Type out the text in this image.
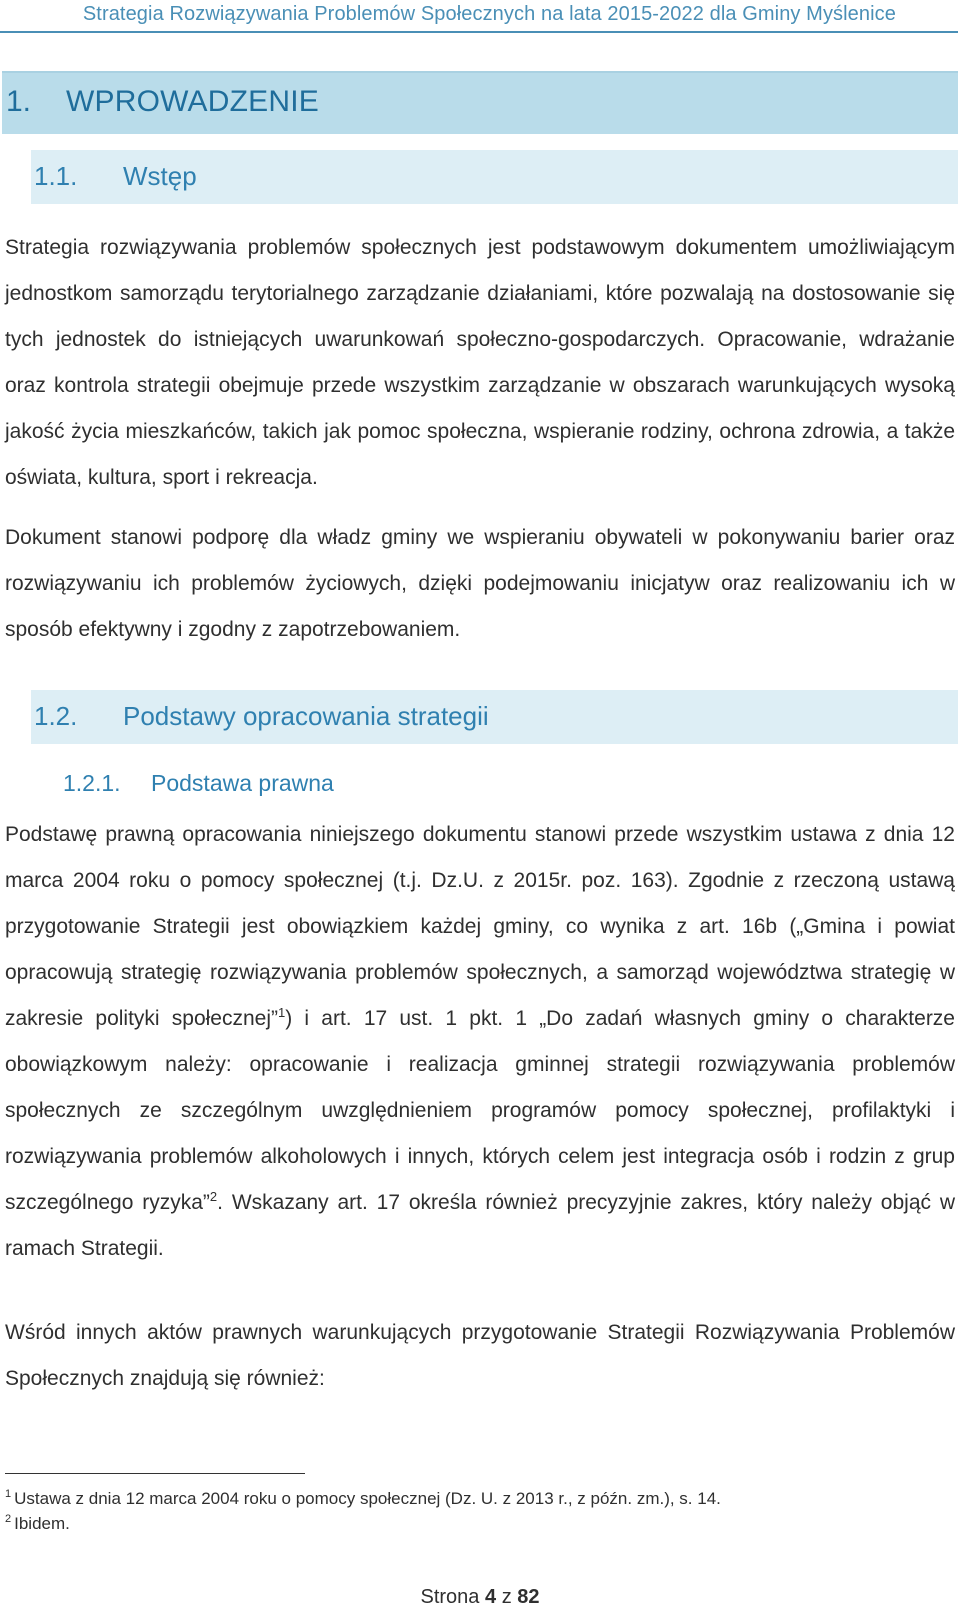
Strategia Rozwiązywania Problemów Społecznych na lata 2015-2022 dla Gminy Myślenice
1. WPROWADZENIE
1.1. Wstęp

Strategia rozwiązywania problemów społecznych jest podstawowym dokumentem umożliwiającym jednostkom samorządu terytorialnego zarządzanie działaniami, które pozwalają na dostosowanie się tych jednostek do istniejących uwarunkowań społeczno-gospodarczych. Opracowanie, wdrażanie oraz kontrola strategii obejmuje przede wszystkim zarządzanie w obszarach warunkujących wysoką jakość życia mieszkańców, takich jak pomoc społeczna, wspieranie rodziny, ochrona zdrowia, a także oświata, kultura, sport i rekreacja.

Dokument stanowi podporę dla władz gminy we wspieraniu obywateli w pokonywaniu barier oraz rozwiązywaniu ich problemów życiowych, dzięki podejmowaniu inicjatyw oraz realizowaniu ich w sposób efektywny i zgodny z zapotrzebowaniem.

1.2. Podstawy opracowania strategii
1.2.1. Podstawa prawna

Podstawę prawną opracowania niniejszego dokumentu stanowi przede wszystkim ustawa z dnia 12 marca 2004 roku o pomocy społecznej (t.j. Dz.U. z 2015r. poz. 163). Zgodnie z rzeczoną ustawą przygotowanie Strategii jest obowiązkiem każdej gminy, co wynika z art. 16b („Gmina i powiat opracowują strategię rozwiązywania problemów społecznych, a samorząd województwa strategię w zakresie polityki społecznej”$^1$) i art. 17 ust. 1 pkt. 1 „Do zadań własnych gminy o charakterze obowiązkowym należy: opracowanie i realizacja gminnej strategii rozwiązywania problemów społecznych ze szczególnym uwzględnieniem programów pomocy społecznej, profilaktyki i rozwiązywania problemów alkoholowych i innych, których celem jest integracja osób i rodzin z grup szczególnego ryzyka”$^2$. Wskazany art. 17 określa również precyzyjnie zakres, który należy objąć w ramach Strategii.

Wśród innych aktów prawnych warunkujących przygotowanie Strategii Rozwiązywania Problemów Społecznych znajdują się również:

$^1$ Ustawa z dnia 12 marca 2004 roku o pomocy społecznej (Dz. U. z 2013 r., z późn. zm.), s. 14.
$^2$ Ibidem.
Strona 4 z 82
